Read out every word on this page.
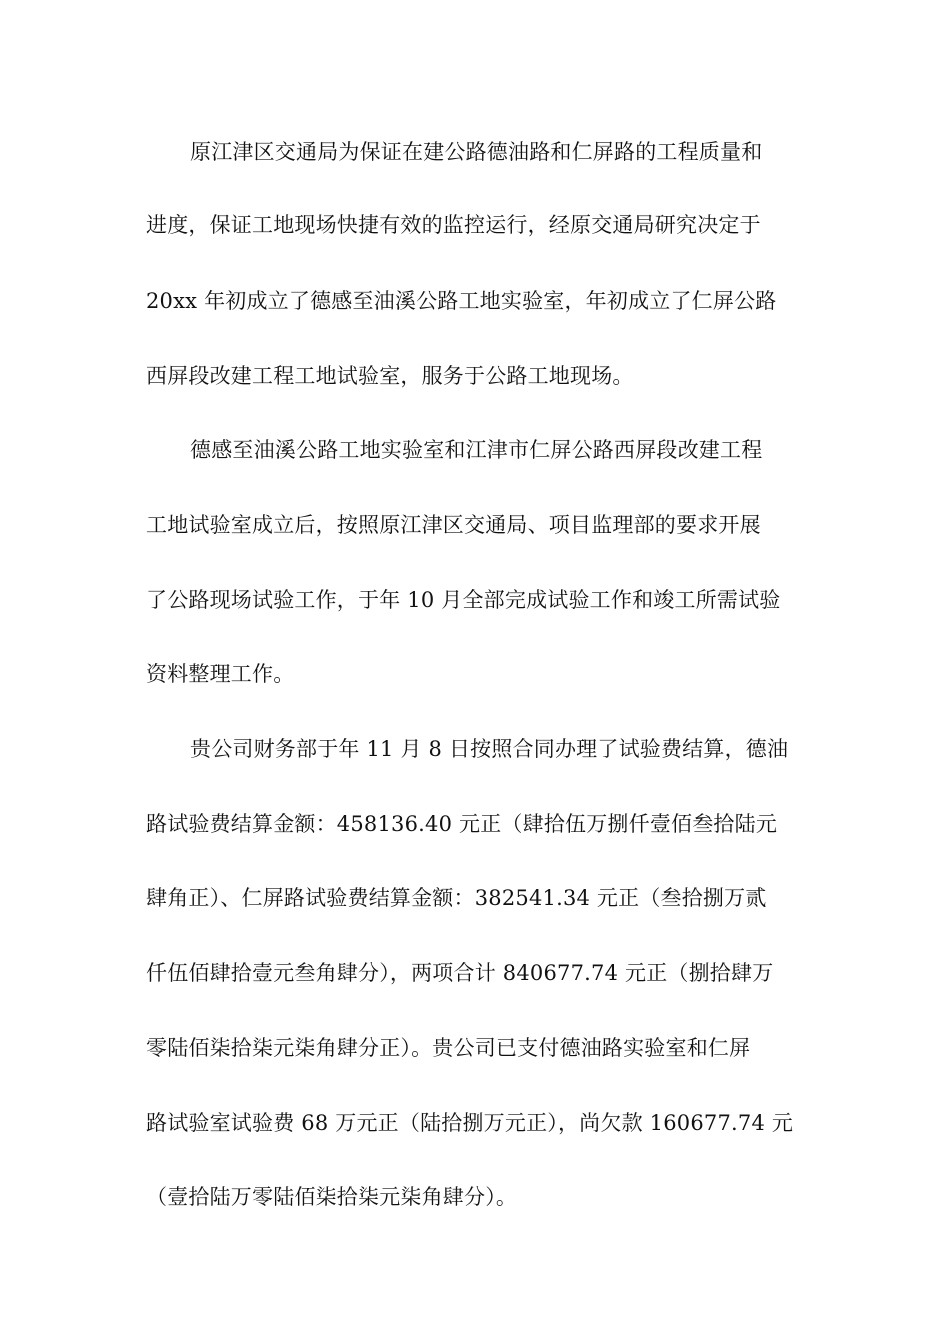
原江津区交通局为保证在建公路德油路和仁屏路的工程质量和
进度，保证工地现场快捷有效的监控运行，经原交通局研究决定于
20xx 年初成立了德感至油溪公路工地实验室，年初成立了仁屏公路
西屏段改建工程工地试验室，服务于公路工地现场。
德感至油溪公路工地实验室和江津市仁屏公路西屏段改建工程
工地试验室成立后，按照原江津区交通局、项目监理部的要求开展
了公路现场试验工作，于年 10 月全部完成试验工作和竣工所需试验
资料整理工作。
贵公司财务部于年 11 月 8 日按照合同办理了试验费结算，德油
路试验费结算金额：458136.40 元正（肆拾伍万捌仟壹佰叁拾陆元
肆角正）、仁屏路试验费结算金额：382541.34 元正（叁拾捌万贰
仟伍佰肆拾壹元叁角肆分），两项合计 840677.74 元正（捌拾肆万
零陆佰柒拾柒元柒角肆分正）。贵公司已支付德油路实验室和仁屏
路试验室试验费 68 万元正（陆拾捌万元正），尚欠款 160677.74 元
（壹拾陆万零陆佰柒拾柒元柒角肆分）。
